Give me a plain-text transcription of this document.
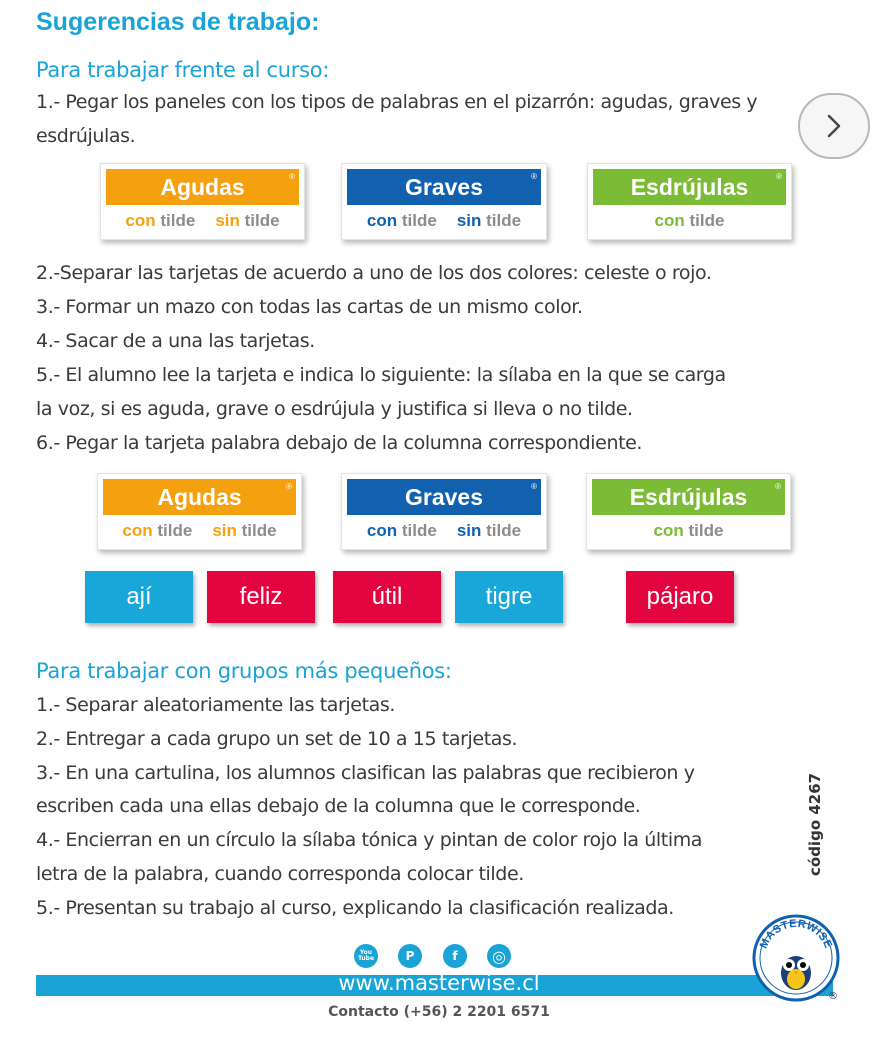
Sugerencias de trabajo:
Para trabajar frente al curso:
1.- Pegar los paneles con los tipos de palabras en el pizarrón: agudas, graves y
esdrújulas.
Agudas	®
con tilde sin tilde
Graves	®
con tilde sin tilde
Esdrújulas	®
con tilde
2.-Separar las tarjetas de acuerdo a uno de los dos colores: celeste o rojo.
3.- Formar un mazo con todas las cartas de un mismo color.
4.- Sacar de a una las tarjetas.
5.- El alumno lee la tarjeta e indica lo siguiente: la sílaba en la que se carga
la voz, si es aguda, grave o esdrújula y justifica si lleva o no tilde.
6.- Pegar la tarjeta palabra debajo de la columna correspondiente.
Agudas	®
con tilde sin tilde
Graves	®
con tilde sin tilde
Esdrújulas	®
con tilde
ají	feliz	útil	tigre	pájaro
Para trabajar con grupos más pequeños:
1.- Separar aleatoriamente las tarjetas.
2.- Entregar a cada grupo un set de 10 a 15 tarjetas.
3.- En una cartulina, los alumnos clasifican las palabras que recibieron y
escriben cada una ellas debajo de la columna que le corresponde.
4.- Encierran en un círculo la sílaba tónica y pintan de color rojo la última
letra de la palabra, cuando corresponda colocar tilde.
5.- Presentan su trabajo al curso, explicando la clasificación realizada.
código 4267
You
Tube	P	f	◎
www.masterwise.cl
Contacto (+56) 2 2201 6571
MASTERWISE
®
